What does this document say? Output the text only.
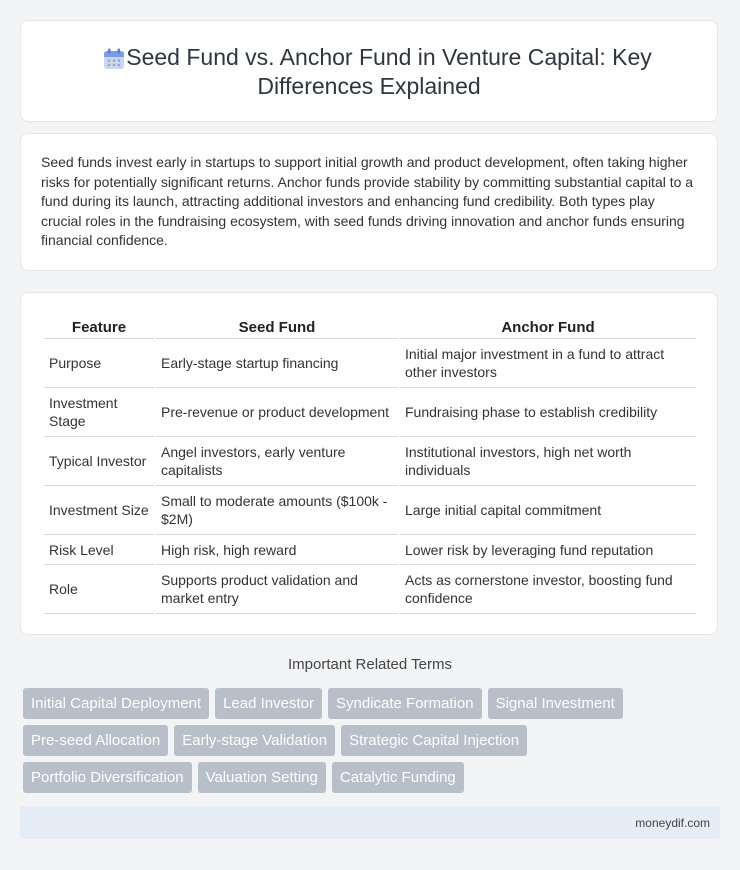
Seed Fund vs. Anchor Fund in Venture Capital: Key
Differences Explained
Seed funds invest early in startups to support initial growth and product development, often taking higher risks for potentially significant returns. Anchor funds provide stability by committing substantial capital to a fund during its launch, attracting additional investors and enhancing fund credibility. Both types play crucial roles in the fundraising ecosystem, with seed funds driving innovation and anchor funds ensuring financial confidence.
Feature	Seed Fund	Anchor Fund
Purpose	Early-stage startup financing	Initial major investment in a fund to attract other investors
Investment Stage	Pre-revenue or product development	Fundraising phase to establish credibility
Typical Investor	Angel investors, early venture capitalists	Institutional investors, high net worth individuals
Investment Size	Small to moderate amounts ($100k - $2M)	Large initial capital commitment
Risk Level	High risk, high reward	Lower risk by leveraging fund reputation
Role	Supports product validation and market entry	Acts as cornerstone investor, boosting fund confidence
Important Related Terms
Initial Capital Deployment	Lead Investor	Syndicate Formation	Signal Investment
Pre-seed Allocation	Early-stage Validation	Strategic Capital Injection
Portfolio Diversification	Valuation Setting	Catalytic Funding
moneydif.com
